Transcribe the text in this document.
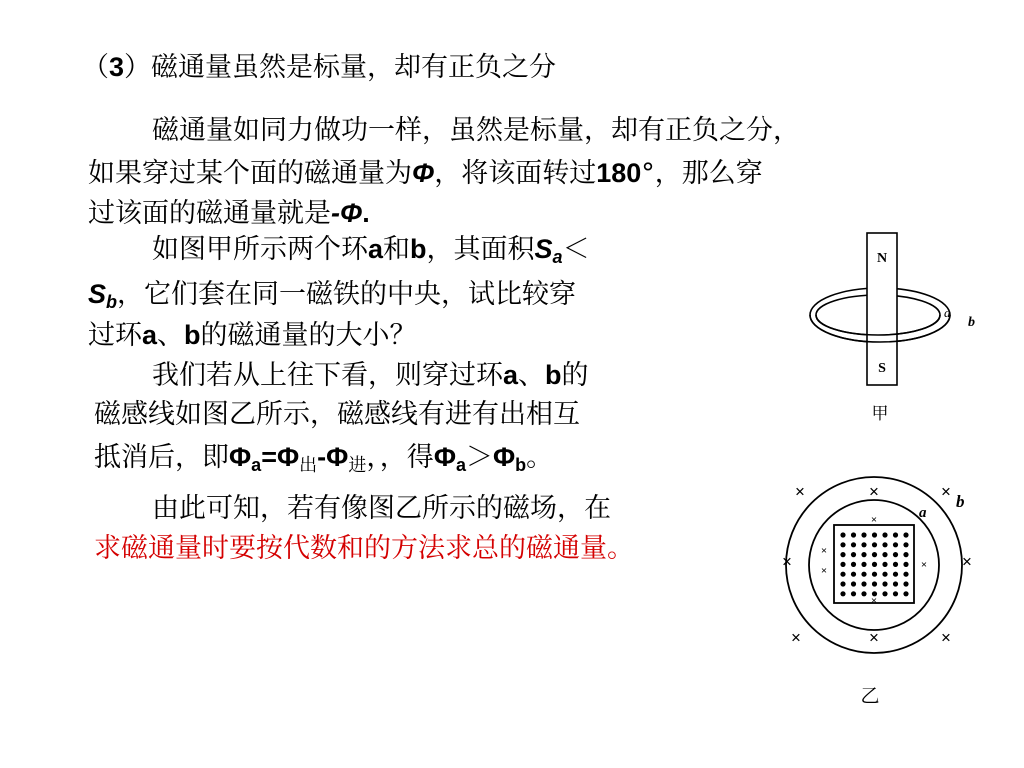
（3）磁通量虽然是标量，却有正负之分
磁通量如同力做功一样，虽然是标量，却有正负之分，
如果穿过某个面的磁通量为Φ，将该面转过180°，那么穿
过该面的磁通量就是-Φ.
如图甲所示两个环a和b，其面积$S_a<$
$S_b$，它们套在同一磁铁的中央，试比较穿
过环a、b的磁通量的大小？
我们若从上往下看，则穿过环a、b的
磁感线如图乙所示，磁感线有进有出相互
抵消后，即$\Phi_a=\Phi_出-\Phi_进$，，得$\Phi_a>\Phi_b$。
由此可知，若有像图乙所示的磁场，在
求磁通量时要按代数和的方法求总的磁通量。
N
S
a
b
甲
×	×	×
×	×
×	×	×
×
×
×
×	×
a
b
乙
